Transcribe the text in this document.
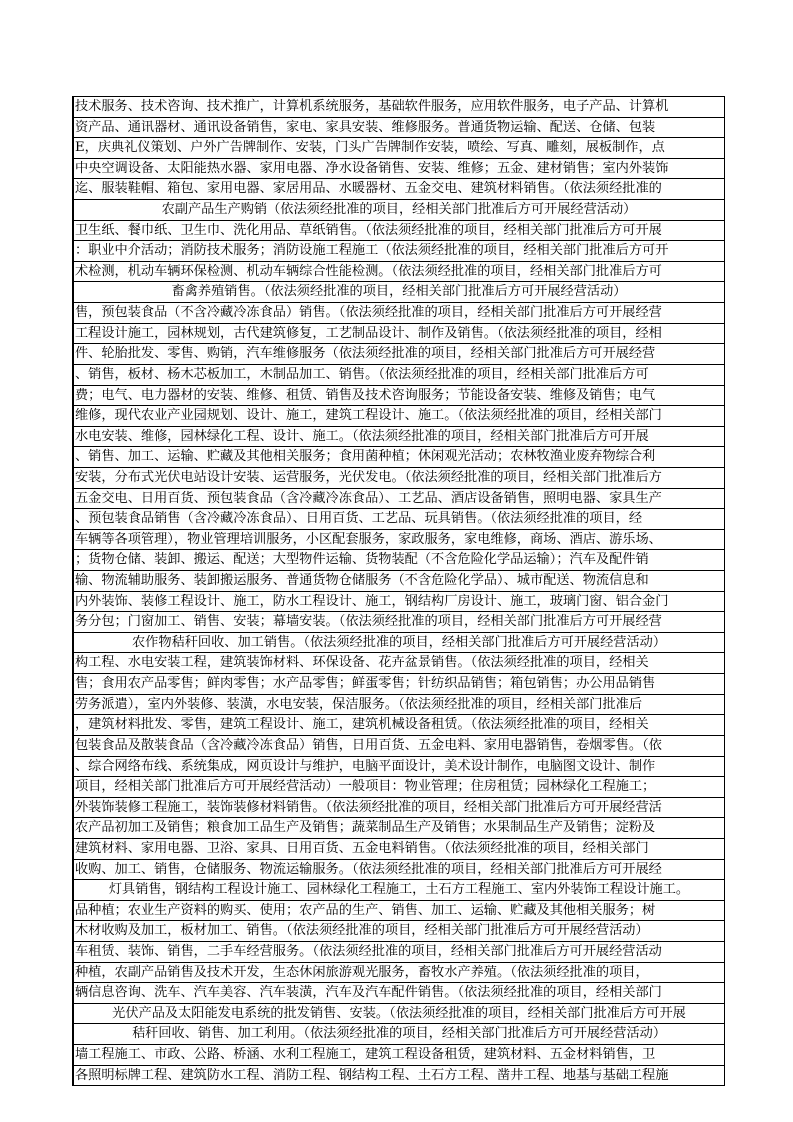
技术服务、技术咨询、技术推广，计算机系统服务，基础软件服务，应用软件服务，电子产品、计算机
资产品、通讯器材、通讯设备销售，家电、家具安装、维修服务。普通货物运输、配送、仓储、包装
E，庆典礼仪策划、户外广告牌制作、安装，门头广告牌制作安装，喷绘、写真、雕刻，展板制作，点
中央空调设备、太阳能热水器、家用电器、净水设备销售、安装、维修；五金、建材销售；室内外装饰
迄、服装鞋帽、箱包、家用电器、家居用品、水暖器材、五金交电、建筑材料销售。（依法须经批准的
农副产品生产购销（依法须经批准的项目，经相关部门批准后方可开展经营活动）
卫生纸、餐巾纸、卫生巾、洗化用品、草纸销售。（依法须经批准的项目，经相关部门批准后方可开展
：职业中介活动；消防技术服务；消防设施工程施工（依法须经批准的项目，经相关部门批准后方可开
术检测，机动车辆环保检测、机动车辆综合性能检测。（依法须经批准的项目，经相关部门批准后方可
畜禽养殖销售。（依法须经批准的项目，经相关部门批准后方可开展经营活动）
售，预包装食品（不含冷藏冷冻食品）销售。（依法须经批准的项目，经相关部门批准后方可开展经营
工程设计施工，园林规划，古代建筑修复，工艺制品设计、制作及销售。（依法须经批准的项目，经相
件、轮胎批发、零售、购销，汽车维修服务（依法须经批准的项目，经相关部门批准后方可开展经营
、销售，板材、杨木芯板加工，木制品加工、销售。（依法须经批准的项目，经相关部门批准后方可
费；电气、电力器材的安装、维修、租赁、销售及技术咨询服务；节能设备安装、维修及销售；电气
维修，现代农业产业园规划、设计、施工，建筑工程设计、施工。（依法须经批准的项目，经相关部门
水电安装、维修，园林绿化工程、设计、施工。（依法须经批准的项目，经相关部门批准后方可开展
、销售、加工、运输、贮藏及其他相关服务；食用菌种植；休闲观光活动；农林牧渔业废弃物综合利
安装，分布式光伏电站设计安装、运营服务，光伏发电。（依法须经批准的项目，经相关部门批准后方
五金交电、日用百货、预包装食品（含冷藏冷冻食品）、工艺品、酒店设备销售，照明电器、家具生产
、预包装食品销售（含冷藏冷冻食品）、日用百货、工艺品、玩具销售。（依法须经批准的项目，经
车辆等各项管理），物业管理培训服务，小区配套服务，家政服务，家电维修，商场、酒店、游乐场、
；货物仓储、装卸、搬运、配送；大型物件运输、货物装配（不含危险化学品运输）；汽车及配件销
输、物流辅助服务、装卸搬运服务、普通货物仓储服务（不含危险化学品）、城市配送、物流信息和
内外装饰、装修工程设计、施工，防水工程设计、施工，钢结构厂房设计、施工，玻璃门窗、铝合金门
务分包；门窗加工、销售、安装；幕墙安装。（依法须经批准的项目，经相关部门批准后方可开展经营
农作物秸秆回收、加工销售。（依法须经批准的项目，经相关部门批准后方可开展经营活动）
构工程、水电安装工程，建筑装饰材料、环保设备、花卉盆景销售。（依法须经批准的项目，经相关
售；食用农产品零售；鲜肉零售；水产品零售；鲜蛋零售；针纺织品销售；箱包销售；办公用品销售
劳务派遣），室内外装修、装潢，水电安装，保洁服务。（依法须经批准的项目，经相关部门批准后
，建筑材料批发、零售，建筑工程设计、施工，建筑机械设备租赁。（依法须经批准的项目，经相关
包装食品及散装食品（含冷藏冷冻食品）销售，日用百货、五金电料、家用电器销售，卷烟零售。（依
、综合网络布线、系统集成，网页设计与维护，电脑平面设计，美术设计制作，电脑图文设计、制作
项目，经相关部门批准后方可开展经营活动）一般项目：物业管理；住房租赁；园林绿化工程施工；
外装饰装修工程施工，装饰装修材料销售。（依法须经批准的项目，经相关部门批准后方可开展经营活
农产品初加工及销售；粮食加工品生产及销售；蔬菜制品生产及销售；水果制品生产及销售；淀粉及
建筑材料、家用电器、卫浴、家具、日用百货、五金电料销售。（依法须经批准的项目，经相关部门
收购、加工、销售，仓储服务、物流运输服务。（依法须经批准的项目，经相关部门批准后方可开展经
灯具销售，钢结构工程设计施工、园林绿化工程施工，土石方工程施工、室内外装饰工程设计施工。
品种植；农业生产资料的购买、使用；农产品的生产、销售、加工、运输、贮藏及其他相关服务；树
木材收购及加工，板材加工、销售。（依法须经批准的项目，经相关部门批准后方可开展经营活动）
车租赁、装饰、销售，二手车经营服务。（依法须经批准的项目，经相关部门批准后方可开展经营活动
种植，农副产品销售及技术开发，生态休闲旅游观光服务，畜牧水产养殖。（依法须经批准的项目，
辆信息咨询、洗车、汽车美容、汽车装潢，汽车及汽车配件销售。（依法须经批准的项目，经相关部门
光伏产品及太阳能发电系统的批发销售、安装。（依法须经批准的项目，经相关部门批准后方可开展
秸秆回收、销售、加工利用。（依法须经批准的项目，经相关部门批准后方可开展经营活动）
墙工程施工、市政、公路、桥涵、水利工程施工，建筑工程设备租赁，建筑材料、五金材料销售，卫
各照明标牌工程、建筑防水工程、消防工程、钢结构工程、土石方工程、凿井工程、地基与基础工程施
